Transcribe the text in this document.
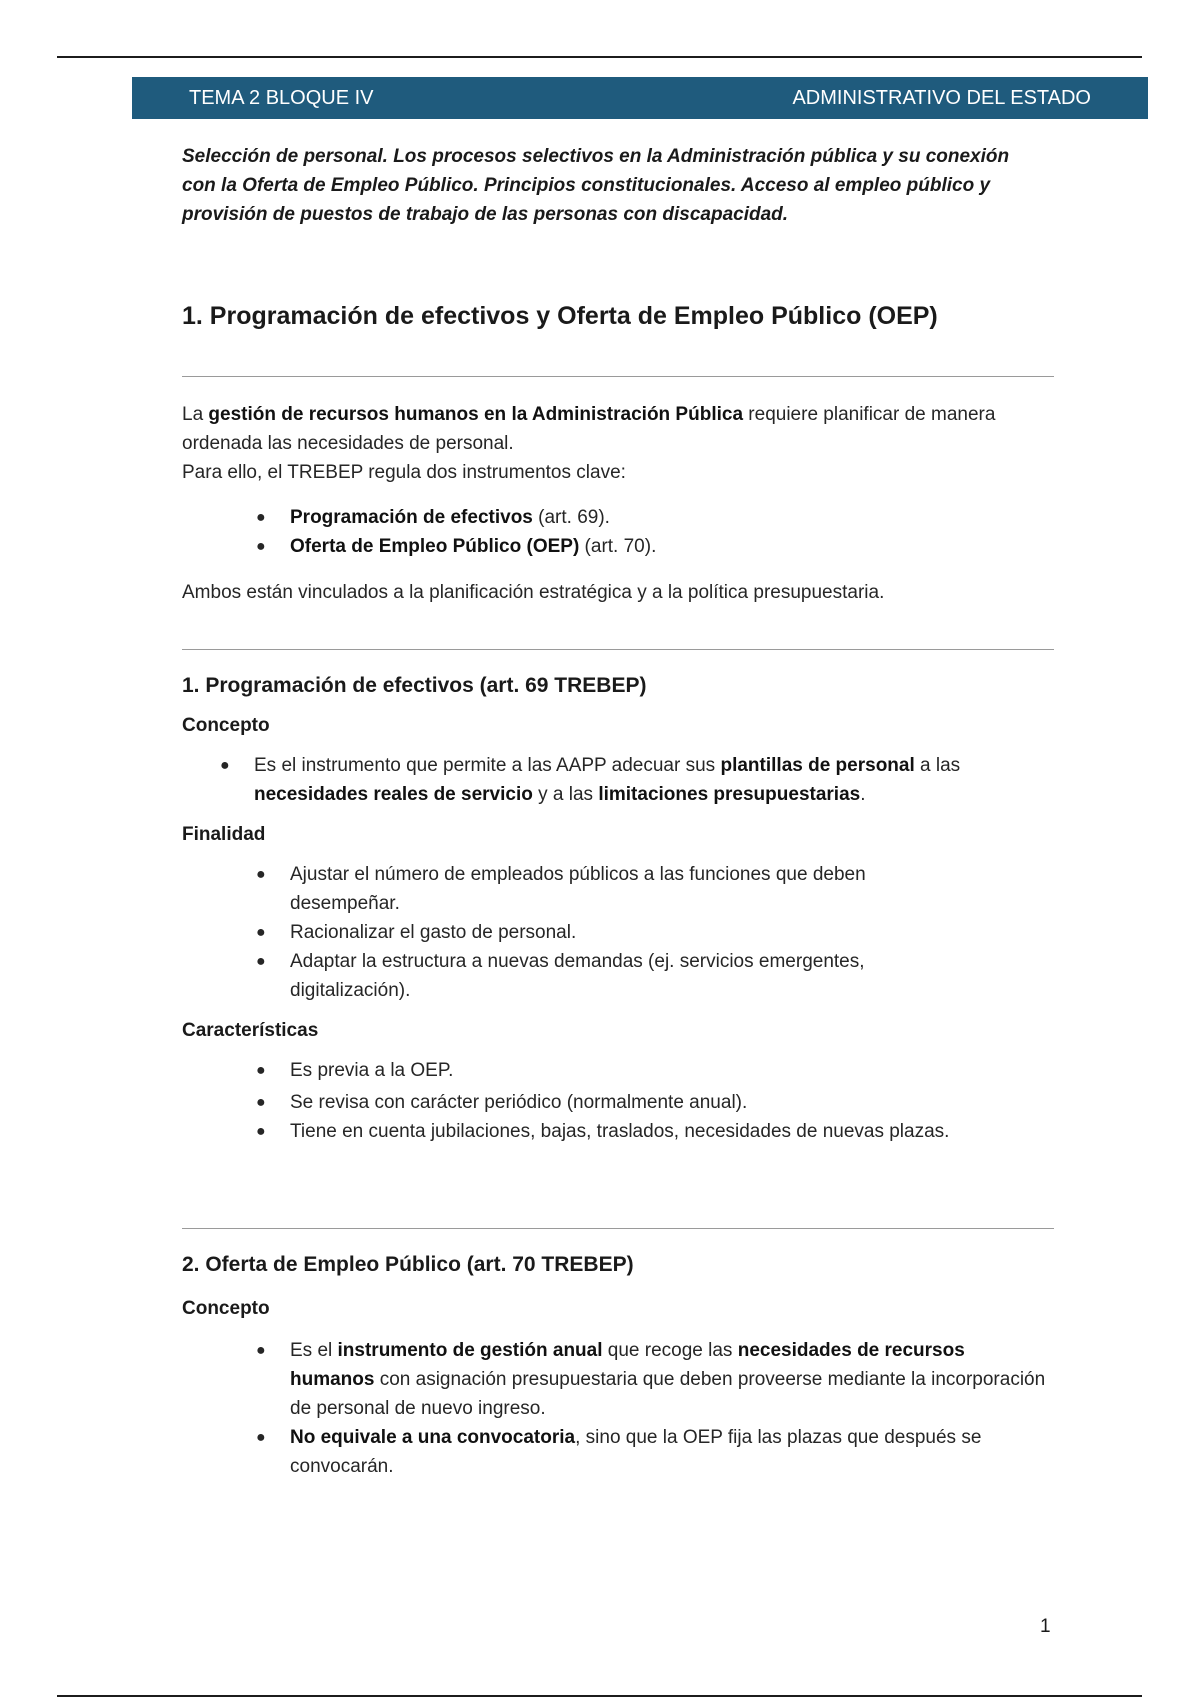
TEMA 2 BLOQUE IV	ADMINISTRATIVO DEL ESTADO

Selección de personal. Los procesos selectivos en la Administración pública y su conexión con la Oferta de Empleo Público. Principios constitucionales. Acceso al empleo público y provisión de puestos de trabajo de las personas con discapacidad.

1. Programación de efectivos y Oferta de Empleo Público (OEP)

La gestión de recursos humanos en la Administración Pública requiere planificar de manera ordenada las necesidades de personal.

Para ello, el TREBEP regula dos instrumentos clave:

● Programación de efectivos (art. 69).
● Oferta de Empleo Público (OEP) (art. 70).

Ambos están vinculados a la planificación estratégica y a la política presupuestaria.

1. Programación de efectivos (art. 69 TREBEP)
Concepto
● Es el instrumento que permite a las AAPP adecuar sus plantillas de personal a las necesidades reales de servicio y a las limitaciones presupuestarias.
Finalidad
● Ajustar el número de empleados públicos a las funciones que deben desempeñar.
● Racionalizar el gasto de personal.
● Adaptar la estructura a nuevas demandas (ej. servicios emergentes, digitalización).
Características
● Es previa a la OEP.
● Se revisa con carácter periódico (normalmente anual).
● Tiene en cuenta jubilaciones, bajas, traslados, necesidades de nuevas plazas.
2. Oferta de Empleo Público (art. 70 TREBEP)
Concepto
● Es el instrumento de gestión anual que recoge las necesidades de recursos humanos con asignación presupuestaria que deben proveerse mediante la incorporación de personal de nuevo ingreso.
● No equivale a una convocatoria, sino que la OEP fija las plazas que después se convocarán.
1
